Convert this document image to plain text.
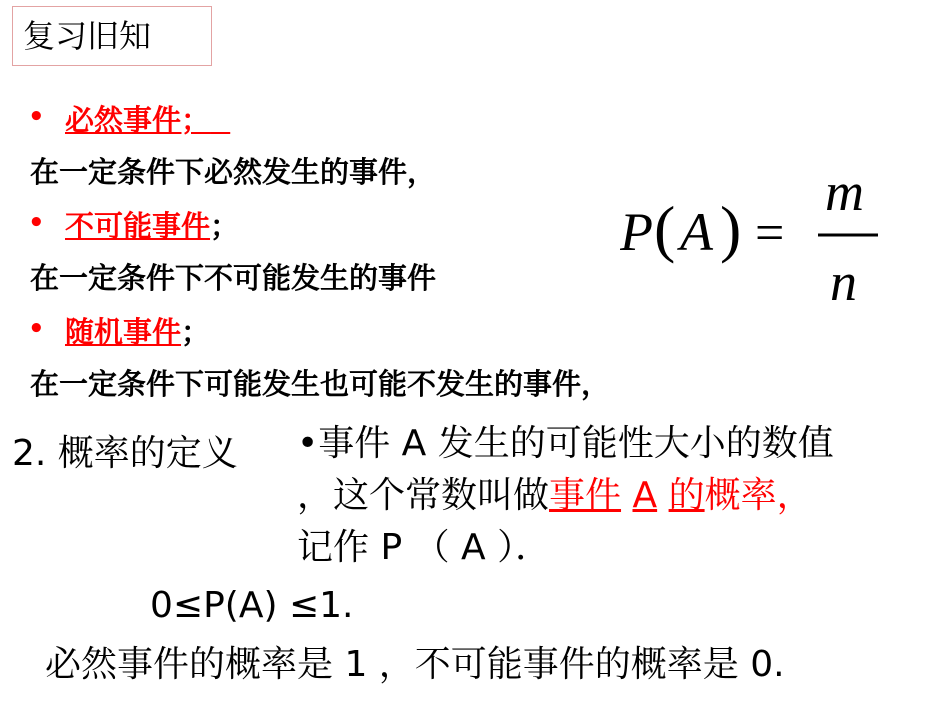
复习旧知
• 必然事件；
在一定条件下必然发生的事件，
• 不可能事件；
在一定条件下不可能发生的事件
• 随机事件；
在一定条件下可能发生也可能不发生的事件，
P ( A ) =
m
n
2. 概率的定义 •事件 A 发生的可能性大小的数值
，这个常数叫做事件 A 的概率，
记作 P （ A ）．
0≤P(A) ≤1.
必然事件的概率是 1 ，不可能事件的概率是 0.
